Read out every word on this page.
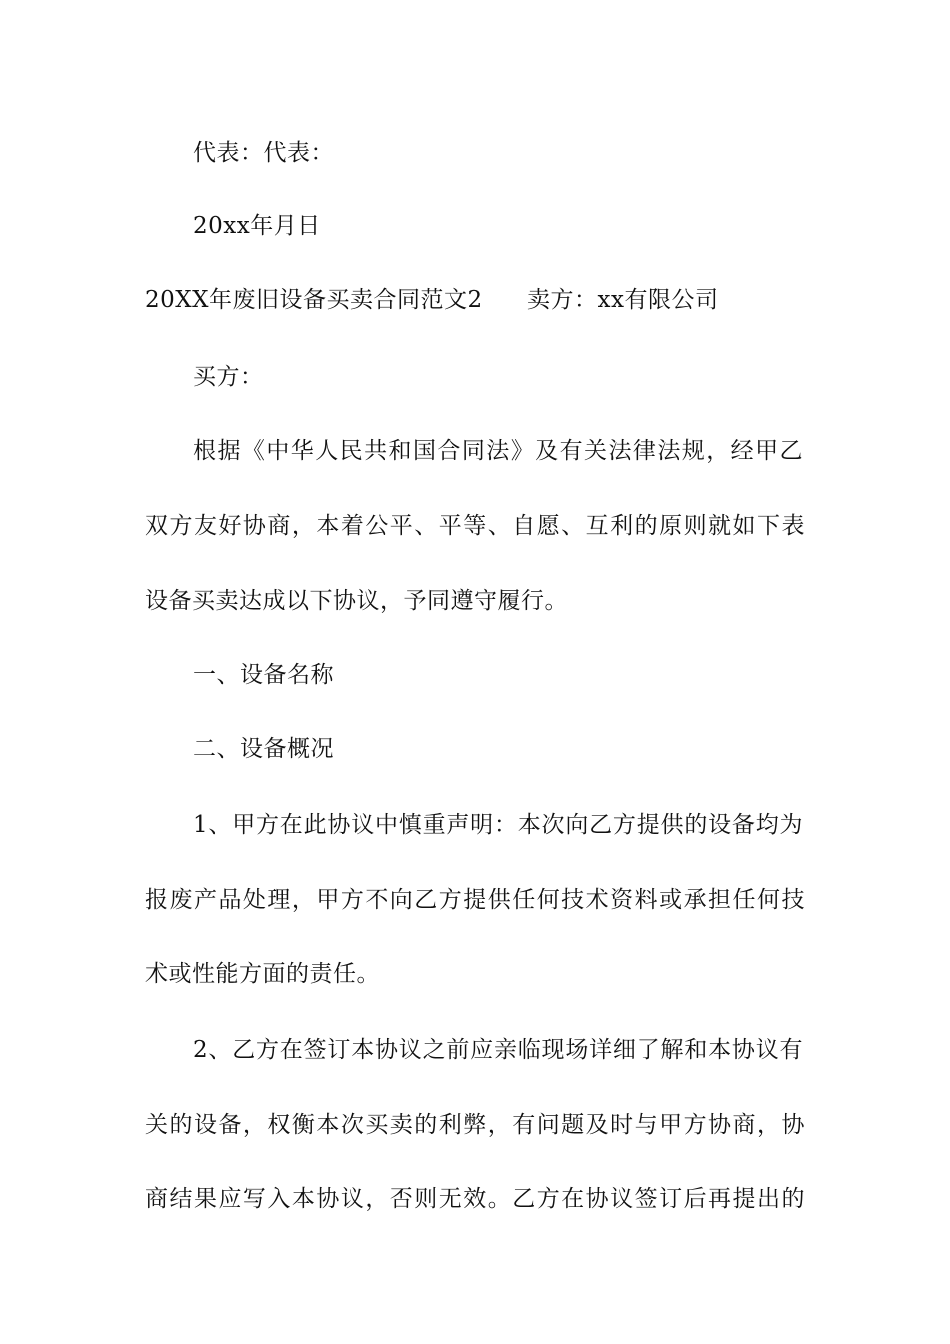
代表：代表：
20xx年月日
20XX年废旧设备买卖合同范文2 卖方：xx有限公司
买方：
根据《中华人民共和国合同法》及有关法律法规，经甲乙
双方友好协商，本着公平、平等、自愿、互利的原则就如下表
设备买卖达成以下协议，予同遵守履行。
一、设备名称
二、设备概况
1、甲方在此协议中慎重声明：本次向乙方提供的设备均为
报废产品处理，甲方不向乙方提供任何技术资料或承担任何技
术或性能方面的责任。
2、乙方在签订本协议之前应亲临现场详细了解和本协议有
关的设备，权衡本次买卖的利弊，有问题及时与甲方协商，协
商结果应写入本协议，否则无效。乙方在协议签订后再提出的
